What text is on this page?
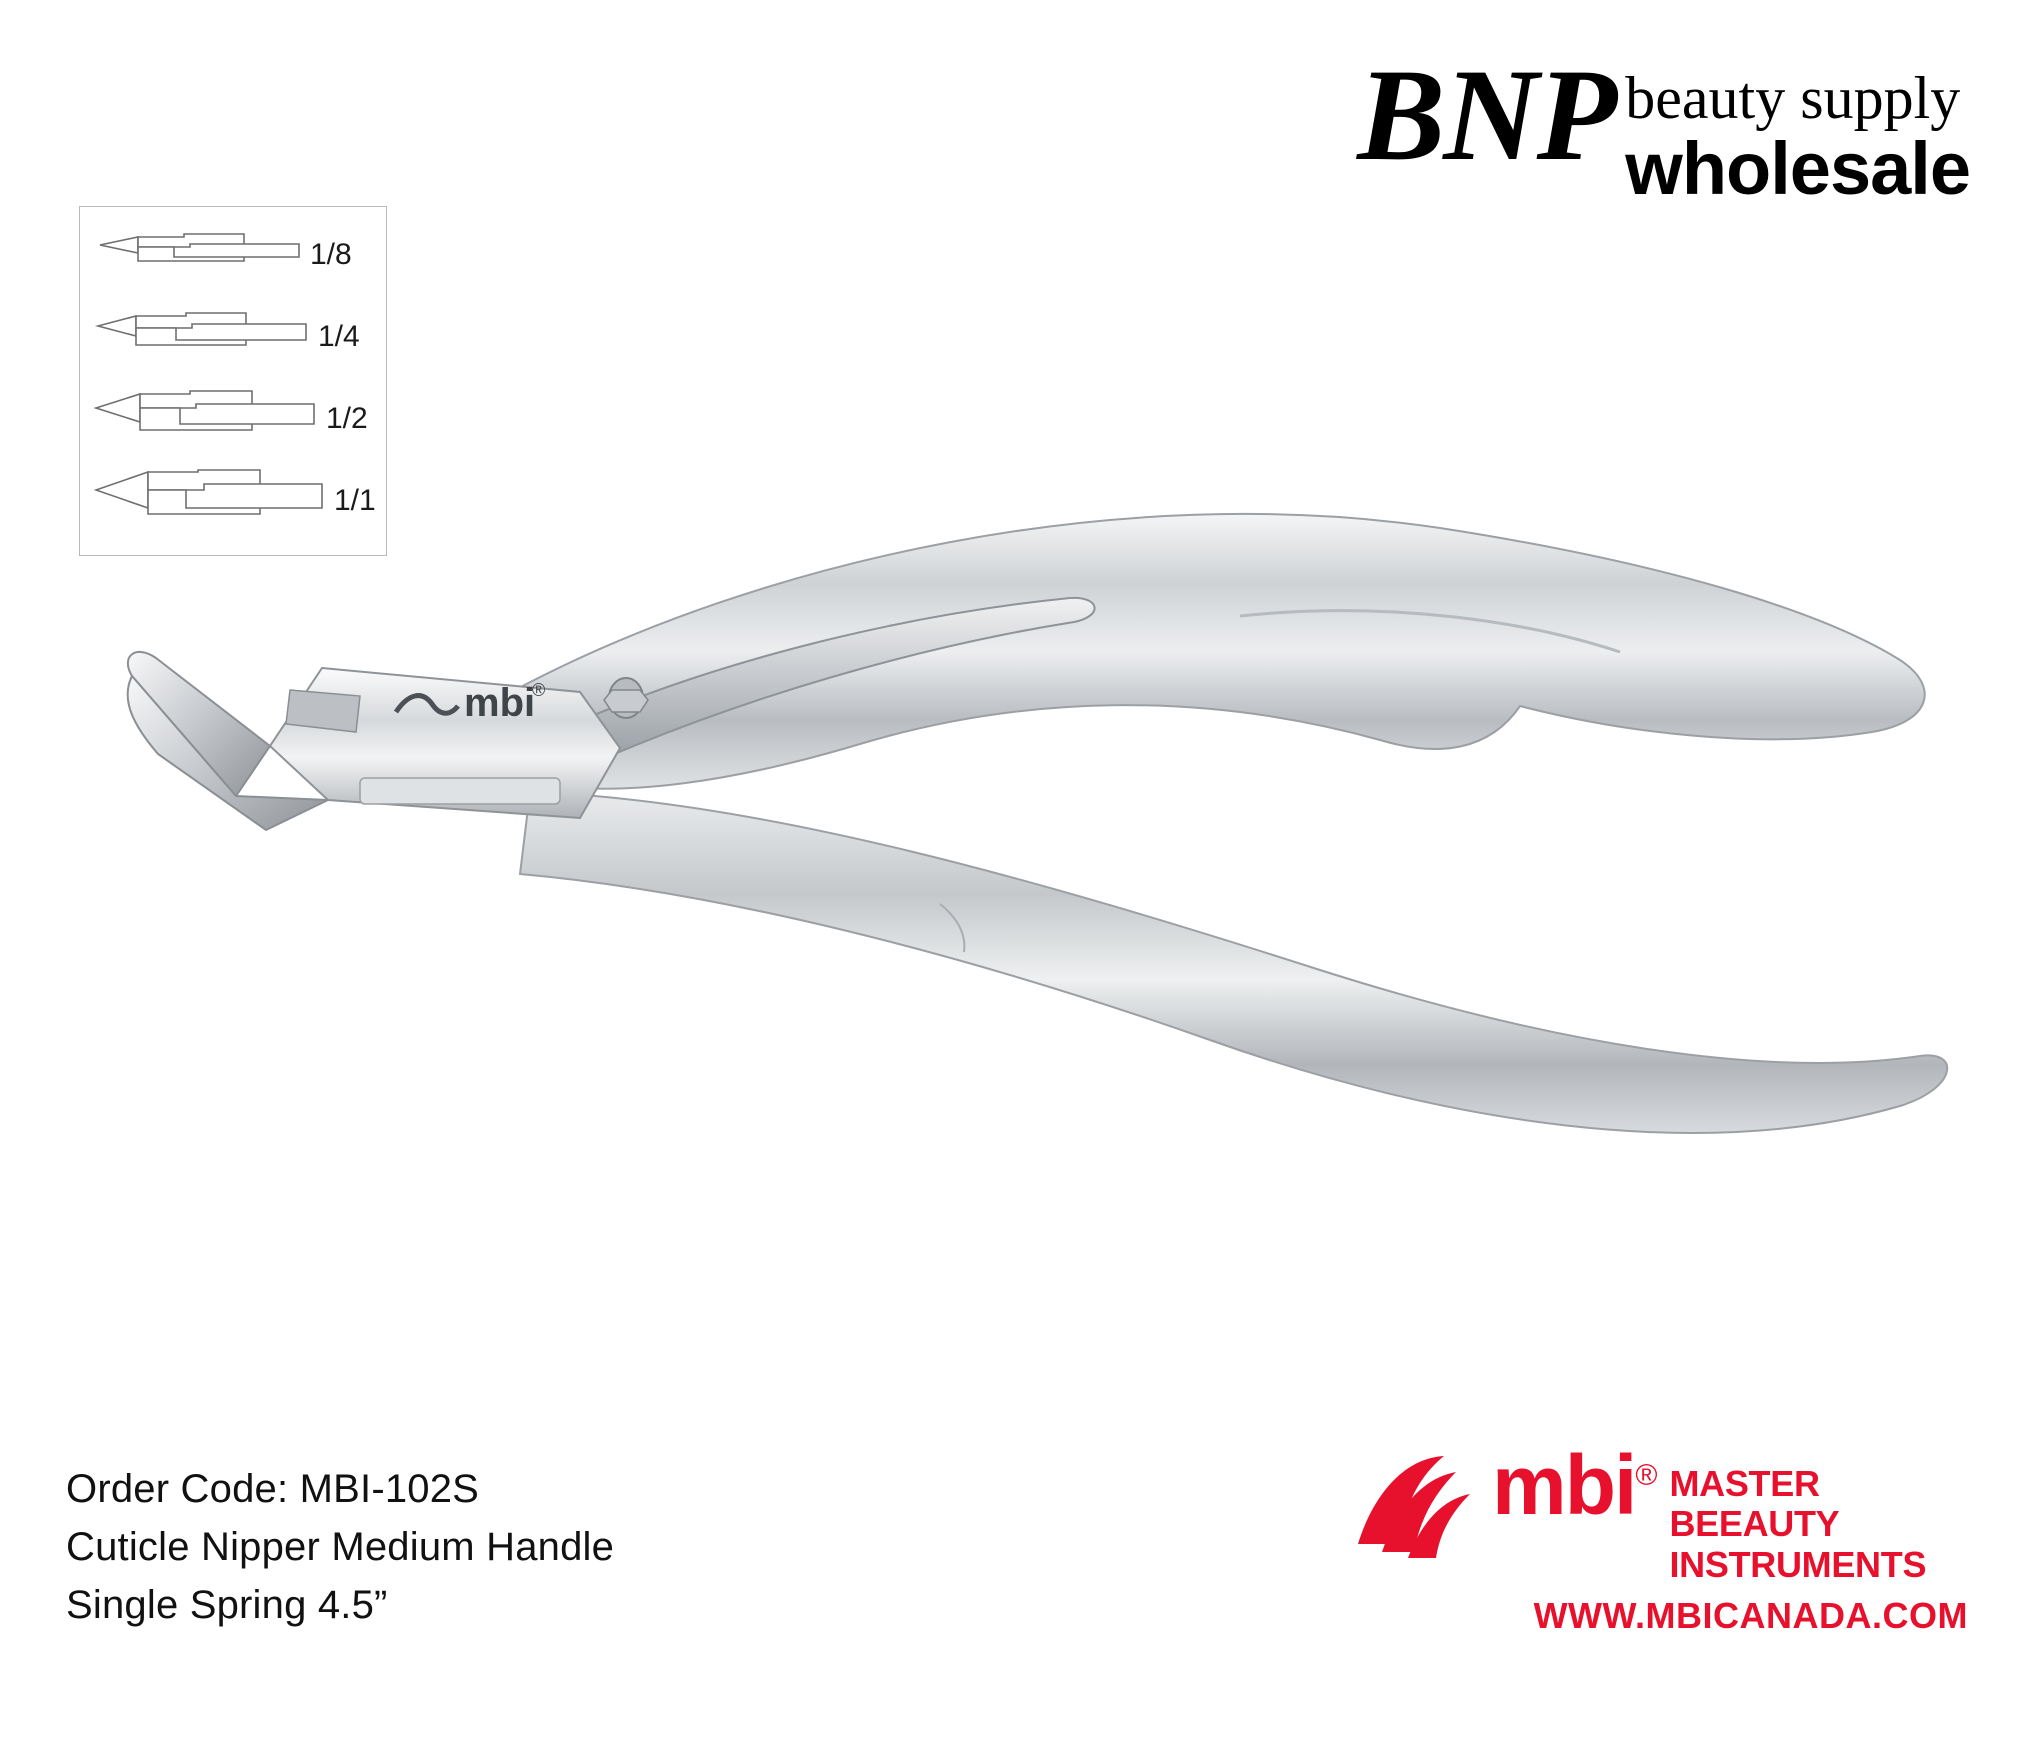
BNP beauty supply
wholesale
1/8
1/4
1/2
1/1
mbi
®
Order Code: MBI-102S
Cuticle Nipper Medium Handle
Single Spring 4.5”
mbi® MASTER BEEAUTY
INSTRUMENTS
WWW.MBICANADA.COM
